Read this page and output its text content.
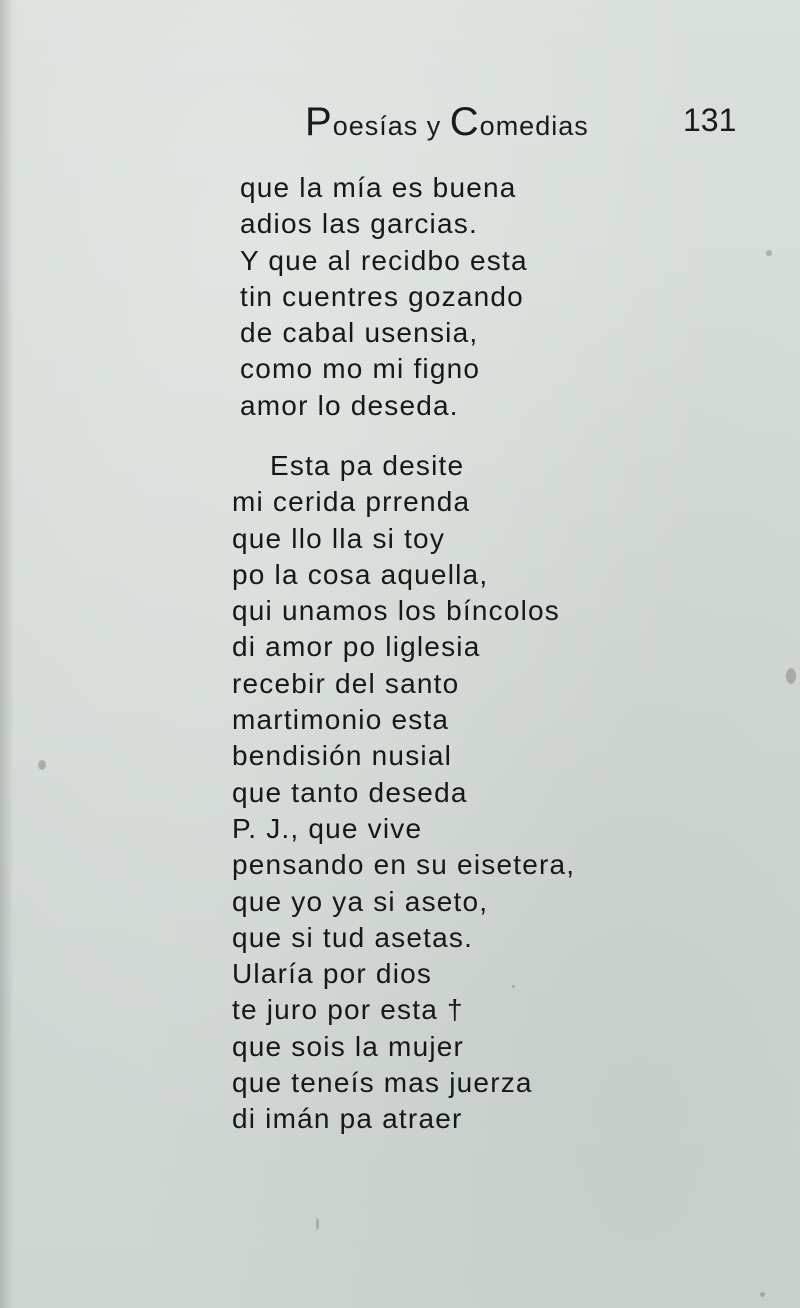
Poesías y Comedias	131
que la mía es buena
adios las garcias.
Y que al recidbo esta
tin cuentres gozando
de cabal usensia,
como mo mi figno
amor lo deseda.
Esta pa desite
mi cerida prrenda
que llo lla si toy
po la cosa aquella,
qui unamos los bíncolos
di amor po liglesia
recebir del santo
martimonio esta
bendisión nusial
que tanto deseda
P. J., que vive
pensando en su eisetera,
que yo ya si aseto,
que si tud asetas.
Ularía por dios
te juro por esta †
que sois la mujer
que teneís mas juerza
di imán pa atraer
